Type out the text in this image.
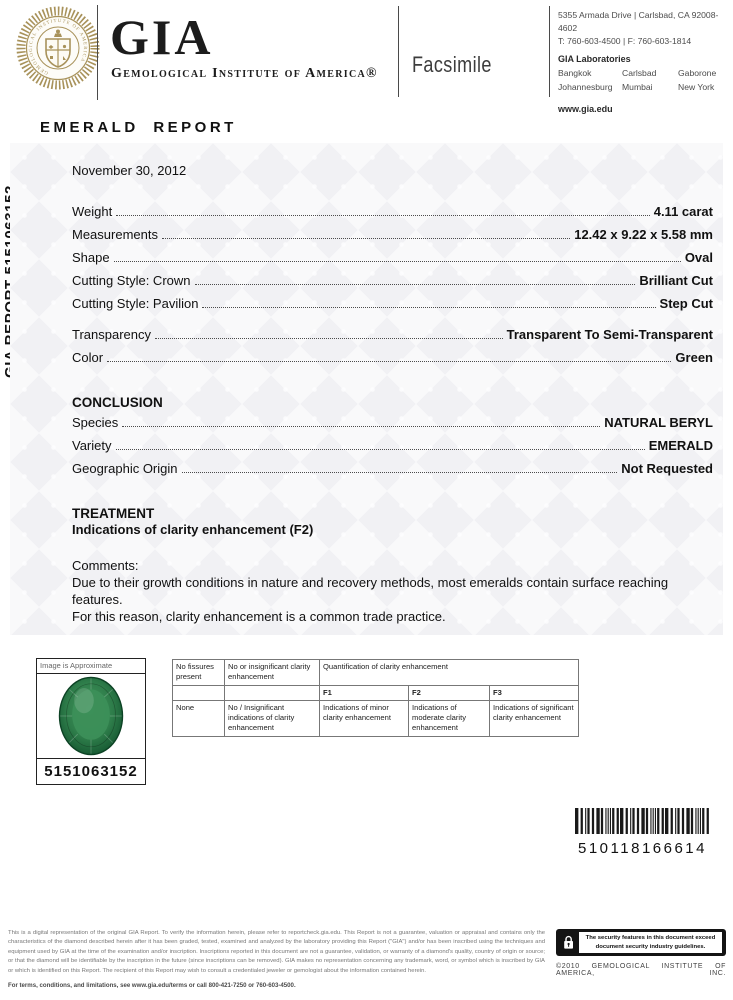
GEMOLOGICAL INSTITUTE OF AMERICA GIA
Gemological Institute of America® Facsimile
5355 Armada Drive | Carlsbad, CA 92008-4602
T: 760-603-4500 | F: 760-603-1814
GIA Laboratories
Bangkok	Carlsbad	Gaborone
Johannesburg	Mumbai	New York
www.gia.edu
EMERALD REPORT
November 30, 2012
Weight	4.11 carat
Measurements	12.42 x 9.22 x 5.58 mm
Shape	Oval
Cutting Style: Crown	Brilliant Cut
Cutting Style: Pavilion	Step Cut
Transparency	Transparent To Semi-Transparent
Color	Green
CONCLUSION
Species	NATURAL BERYL
Variety	EMERALD
Geographic Origin	Not Requested
TREATMENT
Indications of clarity enhancement (F2)
Comments:
Due to their growth conditions in nature and recovery methods, most emeralds contain surface reaching features.
For this reason, clarity enhancement is a common trade practice.
Image is Approximate
5151063152
No fissures present	No or insignificant clarity enhancement	Quantification of clarity enhancement		
		F1	F2	F3
None	No / Insignificant indications of clarity enhancement	Indications of minor clarity enhancement	Indications of moderate clarity enhancement	Indications of significant clarity enhancement
510118166614
This is a digital representation of the original GIA Report. To verify the information herein, please refer to reportcheck.gia.edu. This Report is not a guarantee, valuation or appraisal and contains only the characteristics of the diamond described herein after it has been graded, tested, examined and analyzed by the laboratory providing this Report ("GIA") and/or has been inscribed using the techniques and equipment used by GIA at the time of the examination and/or inscription. Inscriptions reported in this document are not a guarantee, validation, or warranty of a diamond's quality, country of origin or source; or that the diamond will be identifiable by the inscription in the future (since inscriptions can be removed). GIA makes no representation concerning any trademark, word, or symbol which is inscribed by GIA or which is identified on this Report. The recipient of this Report may wish to consult a credentialed jeweler or gemologist about the information contained herein.
For terms, conditions, and limitations, see www.gia.edu/terms or call 800-421-7250 or 760-603-4500.
The security features in this document exceed document security industry guidelines.
©2010 GEMOLOGICAL INSTITUTE OF AMERICA, INC.
